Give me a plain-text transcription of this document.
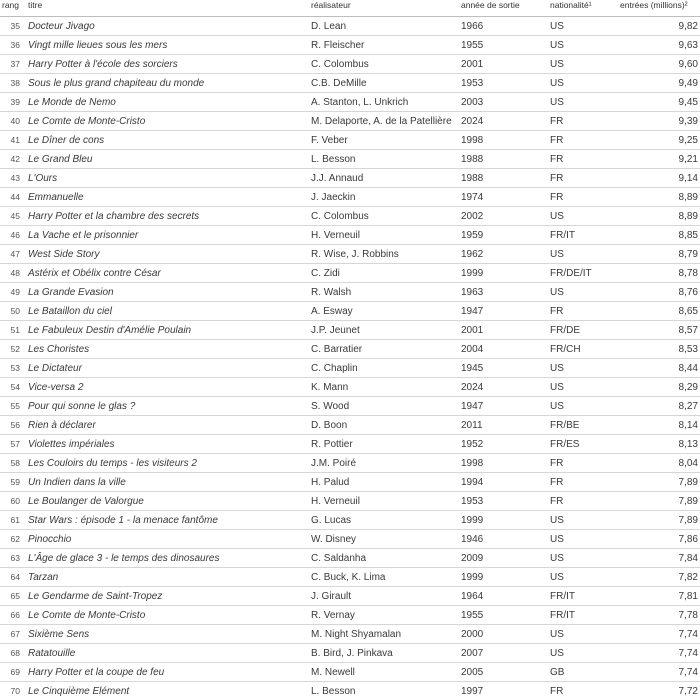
rang	titre	réalisateur	année de sortie	nationalité¹	entrées (millions)²
35	Docteur Jivago	D. Lean	1966	US	9,82
36	Vingt mille lieues sous les mers	R. Fleischer	1955	US	9,63
37	Harry Potter à l'école des sorciers	C. Colombus	2001	US	9,60
38	Sous le plus grand chapiteau du monde	C.B. DeMille	1953	US	9,49
39	Le Monde de Nemo	A. Stanton, L. Unkrich	2003	US	9,45
40	Le Comte de Monte-Cristo	M. Delaporte, A. de la Patellière	2024	FR	9,39
41	Le Dîner de cons	F. Veber	1998	FR	9,25
42	Le Grand Bleu	L. Besson	1988	FR	9,21
43	L'Ours	J.J. Annaud	1988	FR	9,14
44	Emmanuelle	J. Jaeckin	1974	FR	8,89
45	Harry Potter et la chambre des secrets	C. Colombus	2002	US	8,89
46	La Vache et le prisonnier	H. Verneuil	1959	FR/IT	8,85
47	West Side Story	R. Wise, J. Robbins	1962	US	8,79
48	Astérix et Obélix contre César	C. Zidi	1999	FR/DE/IT	8,78
49	La Grande Evasion	R. Walsh	1963	US	8,76
50	Le Bataillon du ciel	A. Esway	1947	FR	8,65
51	Le Fabuleux Destin d'Amélie Poulain	J.P. Jeunet	2001	FR/DE	8,57
52	Les Choristes	C. Barratier	2004	FR/CH	8,53
53	Le Dictateur	C. Chaplin	1945	US	8,44
54	Vice-versa 2	K. Mann	2024	US	8,29
55	Pour qui sonne le glas ?	S. Wood	1947	US	8,27
56	Rien à déclarer	D. Boon	2011	FR/BE	8,14
57	Violettes impériales	R. Pottier	1952	FR/ES	8,13
58	Les Couloirs du temps - les visiteurs 2	J.M. Poiré	1998	FR	8,04
59	Un Indien dans la ville	H. Palud	1994	FR	7,89
60	Le Boulanger de Valorgue	H. Verneuil	1953	FR	7,89
61	Star Wars : épisode 1 - la menace fantôme	G. Lucas	1999	US	7,89
62	Pinocchio	W. Disney	1946	US	7,86
63	L'Âge de glace 3 - le temps des dinosaures	C. Saldanha	2009	US	7,84
64	Tarzan	C. Buck, K. Lima	1999	US	7,82
65	Le Gendarme de Saint-Tropez	J. Girault	1964	FR/IT	7,81
66	Le Comte de Monte-Cristo	R. Vernay	1955	FR/IT	7,78
67	Sixième Sens	M. Night Shyamalan	2000	US	7,74
68	Ratatouille	B. Bird, J. Pinkava	2007	US	7,74
69	Harry Potter et la coupe de feu	M. Newell	2005	GB	7,74
70	Le Cinquième Elément	L. Besson	1997	FR	7,72
